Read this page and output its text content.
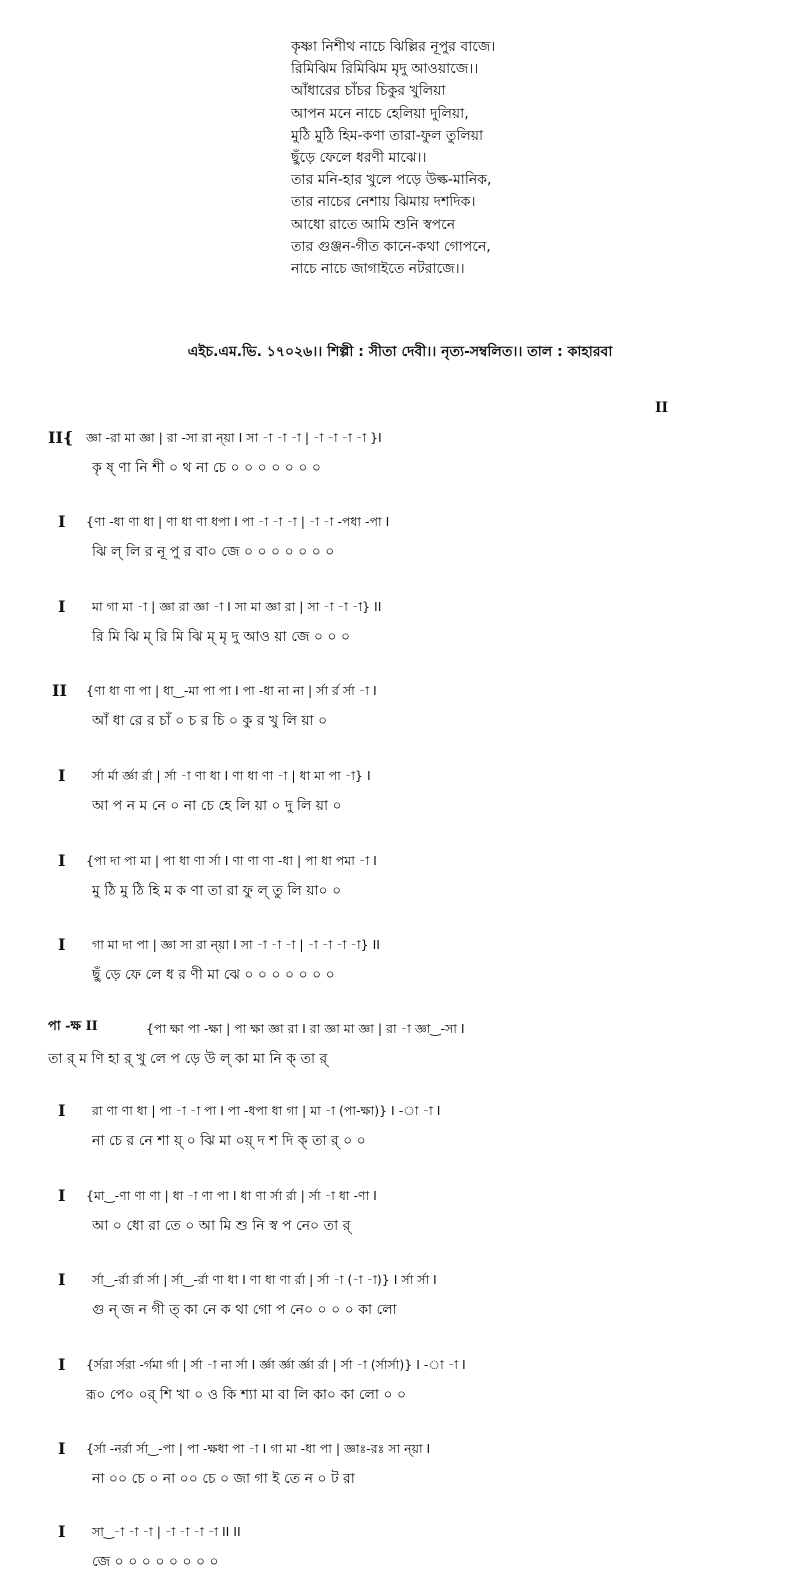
কৃষ্ণা নিশীথ নাচে ঝিল্লির নূপুর বাজে।
রিমিঝিম রিমিঝিম মৃদু আওয়াজে।।
আঁধারের চাঁচর চিকুর খুলিয়া
আপন মনে নাচে হেলিয়া দুলিয়া,
মুঠি মুঠি হিম-কণা তারা-ফুল তুলিয়া
ছুঁড়ে ফেলে ধরণী মাঝে।।
তার মনি-হার খুলে পড়ে উল্ক-মানিক,
তার নাচের নেশায় ঝিমায় দশদিক।
আধো রাতে আমি শুনি স্বপনে
তার গুঞ্জন-গীত কানে-কথা গোপনে,
নাচে নাচে জাগাইতে নটরাজে।।
এইচ.এম.ভি. ১৭০২৬।। শিল্পী : সীতা দেবী।। নৃত্য-সম্বলিত।। তাল : কাহারবা
II
II{ জ্ঞা -রা মা জ্ঞা | রা -সা রা ন্য়া I সা -া -া -া | -া -া -া -া }I
কৃ ষ্ ণা নি শী ০ থ না চে ০ ০ ০ ০ ০ ০ ০
I {ণা -ধা ণা ধা | ণা ধা ণা ধপা I পা -া -া -া | -া -া -পধা -পা I
ঝি ল্ লি র নূ পু র বা০ জে ০ ০ ০ ০ ০ ০ ০
I মা গা মা -া | জ্ঞা রা জ্ঞা -া I সা মা জ্ঞা রা | সা -া -া -া} II
রি মি ঝি ম্ রি মি ঝি ম্ মৃ দু আও য়া জে ০ ০ ০
II {ণা ধা ণা পা | ধা‿-মা পা পা I পা -ধা না না | র্সা র্র র্সা -া I
আঁ ধা রে র চাঁ ০ চ র চি ০ কু র খু লি য়া ০
I র্সা র্মা র্জ্ঞা র্রা | র্সা -া ণা ধা I ণা ধা ণা -া | ধা মা পা -া} I
আ প ন ম নে ০ না চে হে লি য়া ০ দু লি য়া ০
I {পা দা পা মা | পা ধা ণা র্সা I ণা ণা ণা -ধা | পা ধা পমা -া I
মু ঠি মু ঠি হি ম ক ণা তা রা ফু ল্ তু লি য়া০ ০
I গা মা দা পা | জ্ঞা সা রা ন্য়া I সা -া -া -া | -া -া -া -া} II
ছুঁ ড়ে ফে লে ধ র ণী মা ঝে ০ ০ ০ ০ ০ ০ ০
পা -ক্ষ II	{পা ক্ষা পা -ক্ষা | পা ক্ষা জ্ঞা রা I রা জ্ঞা মা জ্ঞা | রা -া জ্ঞা‿-সা I
তা র্ ম ণি হা র্ খু লে প ড়ে উ ল্ কা মা নি ক্ তা র্
I রা ণা ণা ধা | পা -া -া পা I পা -ধপা ধা গা | মা -া (পা-ক্ষা)} I -া -া I
না চে র নে শা য়্ ০ ঝি মা ০য়্ দ শ দি ক্ তা র্ ০ ০
I {মা‿-ণা ণা ণা | ধা -া ণা পা I ধা ণা র্সা র্রা | র্সা -া ধা -ণা I
আ ০ ধো রা তে ০ আ মি শু নি স্ব প নে০ তা র্
I র্সা‿-র্রা র্রা র্সা | র্সা‿-র্রা ণা ধা I ণা ধা ণা র্রা | র্সা -া (-া -া)} I র্সা র্সা I
গু ন্ জ ন গী ত্ কা নে ক থা গো প নে০ ০ ০ ০ কা লো
I {র্সরা র্সরা -র্গমা র্গা | র্সা -া না র্সা I র্জ্ঞা র্জ্ঞা র্জ্ঞা র্রা | র্সা -া (র্সার্সা)} I -া -া I
রূ০ পে০ ০র্ শি খা ০ ও কি শ্যা মা বা লি কা০ কা লো ০ ০
I {র্সা -নর্রা র্সা‿-পা | পা -ক্ষধা পা -া I গা মা -ধা পা | জ্ঞাঃ-রঃ সা ন্য়া I
না ০০ চে ০ না ০০ চে ০ জা গা ই তে ন ০ ট রা
I সা‿-া -া -া | -া -া -া -া II II
জে ০ ০ ০ ০ ০ ০ ০ ০
